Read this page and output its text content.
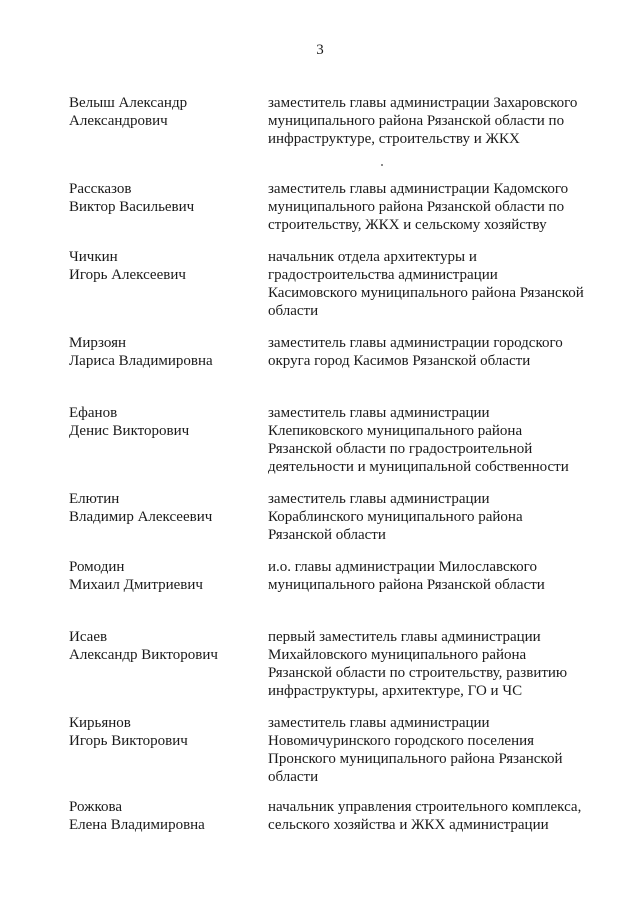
3
Велыш Александр
Александрович
заместитель главы администрации Захаровского
муниципального района Рязанской области по
инфраструктуре, строительству и ЖКХ
Рассказов
Виктор Васильевич
заместитель главы администрации Кадомского
муниципального района Рязанской области по
строительству, ЖКХ и сельскому хозяйству
Чичкин
Игорь Алексеевич
начальник отдела архитектуры и
градостроительства администрации
Касимовского муниципального района Рязанской
области
Мирзоян
Лариса Владимировна
заместитель главы администрации городского
округа город Касимов Рязанской области
Ефанов
Денис Викторович
заместитель главы администрации
Клепиковского муниципального района
Рязанской области по градостроительной
деятельности и муниципальной собственности
Елютин
Владимир Алексеевич
заместитель главы администрации
Кораблинского муниципального района
Рязанской области
Ромодин
Михаил Дмитриевич
и.о. главы администрации Милославского
муниципального района Рязанской области
Исаев
Александр Викторович
первый заместитель главы администрации
Михайловского муниципального района
Рязанской области по строительству, развитию
инфраструктуры, архитектуре, ГО и ЧС
Кирьянов
Игорь Викторович
заместитель главы администрации
Новомичуринского городского поселения
Пронского муниципального района Рязанской
области
Рожкова
Елена Владимировна
начальник управления строительного комплекса,
сельского хозяйства и ЖКХ администрации
